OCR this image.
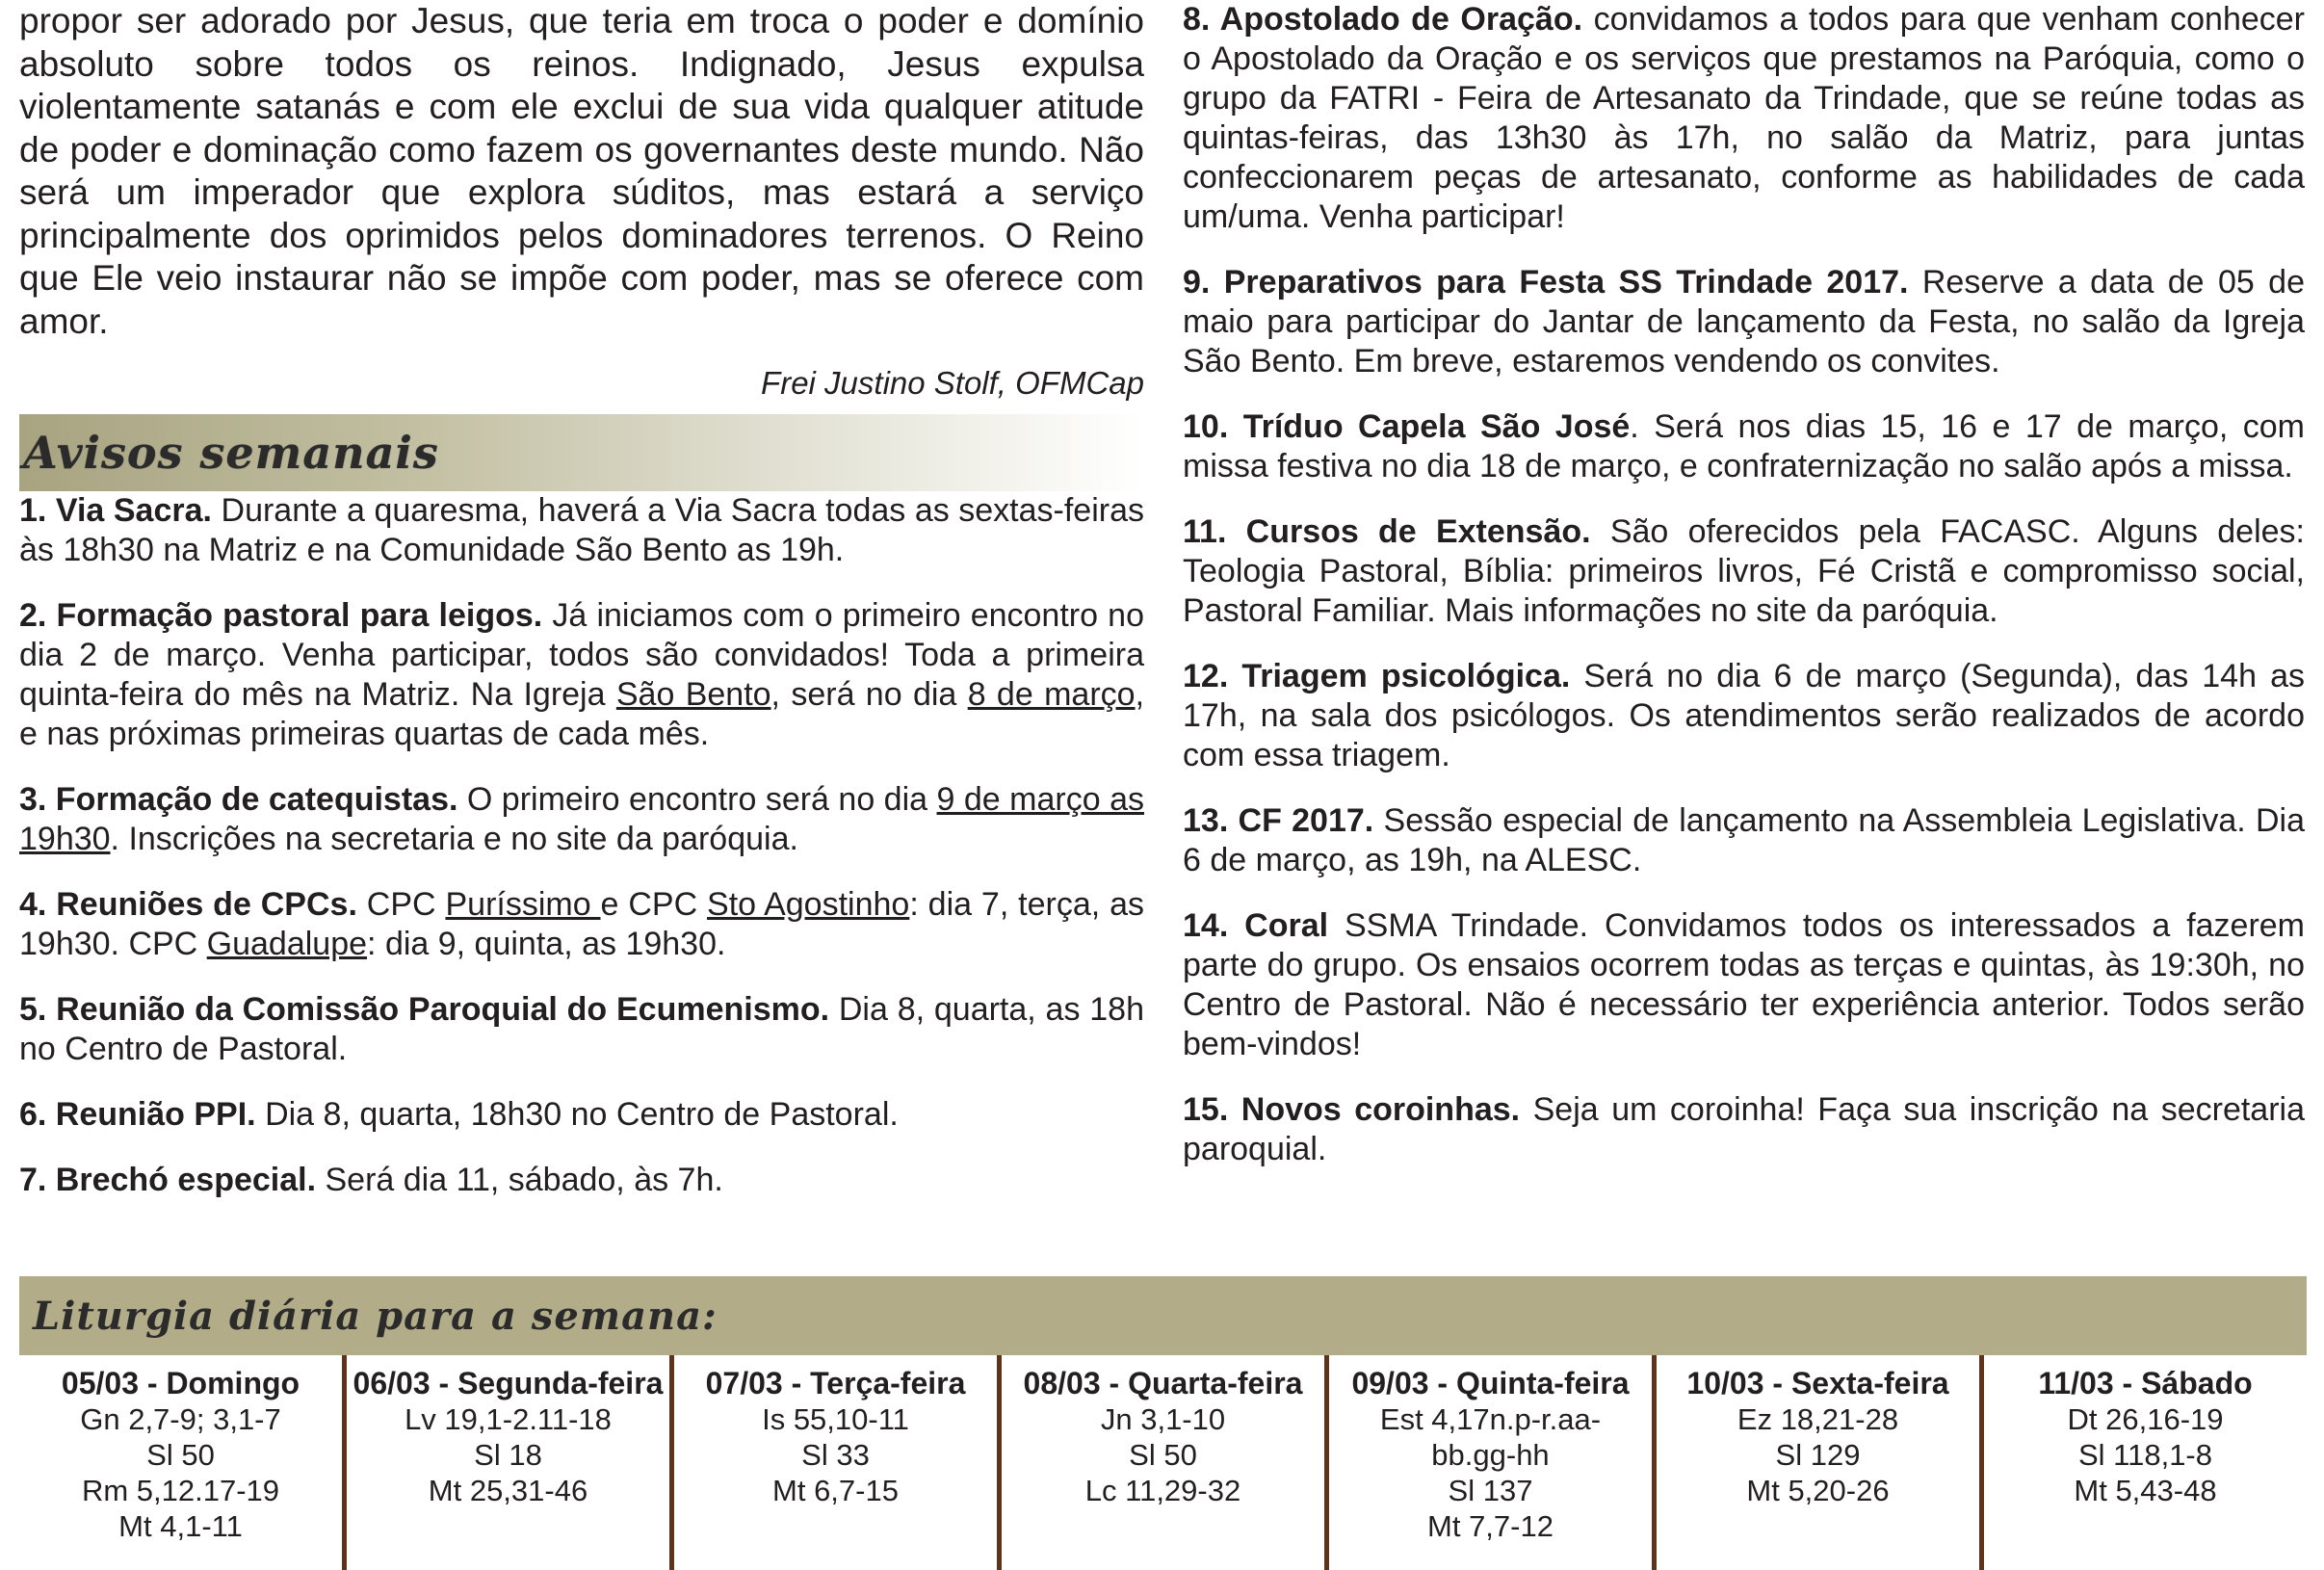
propor ser adorado por Jesus, que teria em troca o poder e domínio absoluto sobre todos os reinos. Indignado, Jesus expulsa violentamente satanás e com ele exclui de sua vida qualquer atitude de poder e dominação como fazem os governantes deste mundo. Não será um imperador que explora súditos, mas estará a serviço principalmente dos oprimidos pelos dominadores terrenos. O Reino que Ele veio instaurar não se impõe com poder, mas se oferece com amor.

Frei Justino Stolf, OFMCap

Avisos semanais

1. Via Sacra. Durante a quaresma, haverá a Via Sacra todas as sextas-feiras às 18h30 na Matriz e na Comunidade São Bento as 19h.

2. Formação pastoral para leigos. Já iniciamos com o primeiro encontro no dia 2 de março. Venha participar, todos são convidados! Toda a primeira quinta-feira do mês na Matriz. Na Igreja São Bento, será no dia 8 de março, e nas próximas primeiras quartas de cada mês.

3. Formação de catequistas. O primeiro encontro será no dia 9 de março as 19h30. Inscrições na secretaria e no site da paróquia.

4. Reuniões de CPCs. CPC Puríssimo e CPC Sto Agostinho: dia 7, terça, as 19h30. CPC Guadalupe: dia 9, quinta, as 19h30.

5. Reunião da Comissão Paroquial do Ecumenismo. Dia 8, quarta, as 18h no Centro de Pastoral.

6. Reunião PPI. Dia 8, quarta, 18h30 no Centro de Pastoral.

7. Brechó especial. Será dia 11, sábado, às 7h.

8. Apostolado de Oração. convidamos a todos para que venham conhecer o Apostolado da Oração e os serviços que prestamos na Paróquia, como o grupo da FATRI - Feira de Artesanato da Trindade, que se reúne todas as quintas-feiras, das 13h30 às 17h, no salão da Matriz, para juntas confeccionarem peças de artesanato, conforme as habilidades de cada um/uma. Venha participar!

9. Preparativos para Festa SS Trindade 2017. Reserve a data de 05 de maio para participar do Jantar de lançamento da Festa, no salão da Igreja São Bento. Em breve, estaremos vendendo os convites.

10. Tríduo Capela São José. Será nos dias 15, 16 e 17 de março, com missa festiva no dia 18 de março, e confraternização no salão após a missa.

11. Cursos de Extensão. São oferecidos pela FACASC. Alguns deles: Teologia Pastoral, Bíblia: primeiros livros, Fé Cristã e compromisso social, Pastoral Familiar. Mais informações no site da paróquia.

12. Triagem psicológica. Será no dia 6 de março (Segunda), das 14h as 17h, na sala dos psicólogos. Os atendimentos serão realizados de acordo com essa triagem.

13. CF 2017. Sessão especial de lançamento na Assembleia Legislativa. Dia 6 de março, as 19h, na ALESC.

14. Coral SSMA Trindade. Convidamos todos os interessados a fazerem parte do grupo. Os ensaios ocorrem todas as terças e quintas, às 19:30h, no Centro de Pastoral. Não é necessário ter experiência anterior. Todos serão bem-vindos!

15. Novos coroinhas. Seja um coroinha! Faça sua inscrição na secretaria paroquial.

Liturgia diária para a semana:
05/03 - Domingo
Gn 2,7-9; 3,1-7
Sl 50
Rm 5,12.17-19
Mt 4,1-11
06/03 - Segunda-feira
Lv 19,1-2.11-18
Sl 18
Mt 25,31-46
07/03 - Terça-feira
Is 55,10-11
Sl 33
Mt 6,7-15
08/03 - Quarta-feira
Jn 3,1-10
Sl 50
Lc 11,29-32
09/03 - Quinta-feira
Est 4,17n.p-r.aa-
bb.gg-hh
Sl 137
Mt 7,7-12
10/03 - Sexta-feira
Ez 18,21-28
Sl 129
Mt 5,20-26
11/03 - Sábado
Dt 26,16-19
Sl 118,1-8
Mt 5,43-48
